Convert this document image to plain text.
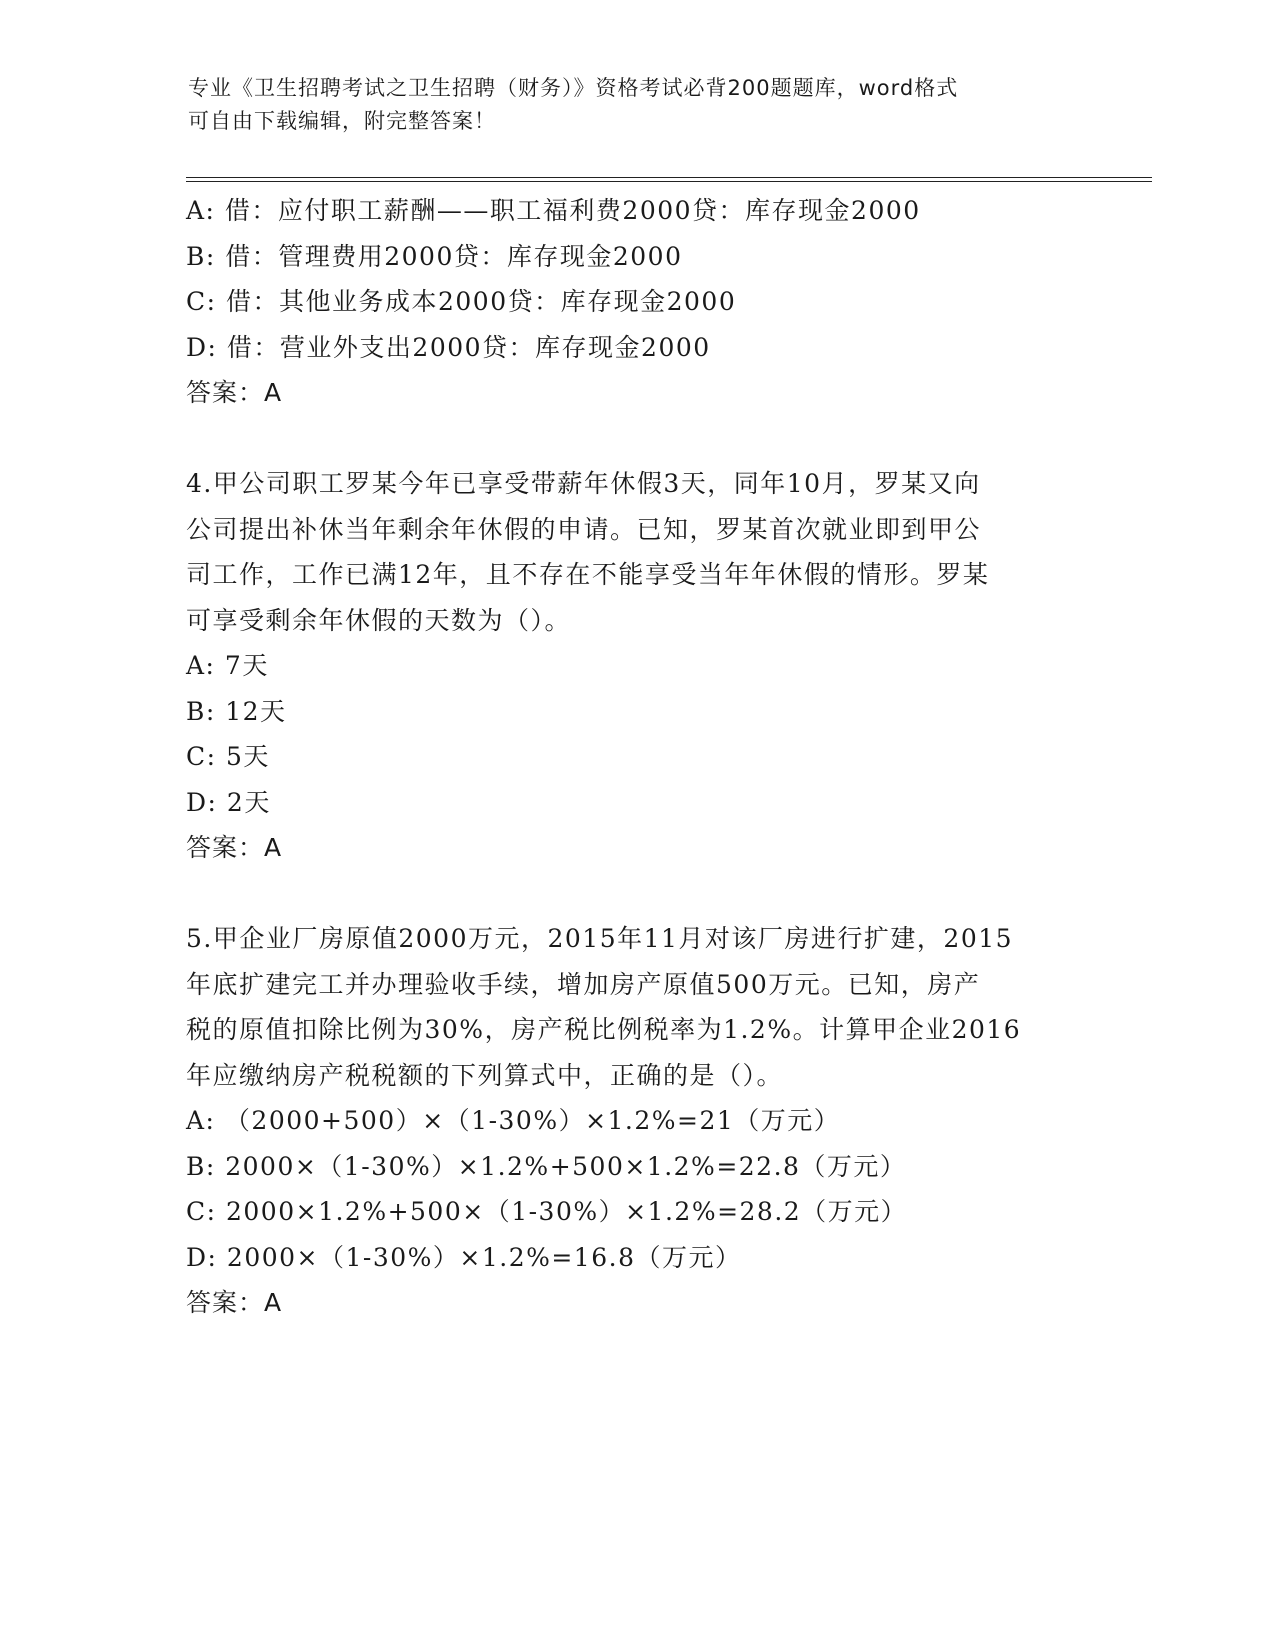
专业《卫生招聘考试之卫生招聘（财务）》资格考试必背200题题库，word格式
可自由下载编辑，附完整答案！
A: 借：应付职工薪酬——职工福利费2000贷：库存现金2000
B: 借：管理费用2000贷：库存现金2000
C: 借：其他业务成本2000贷：库存现金2000
D: 借：营业外支出2000贷：库存现金2000
答案：A
4.甲公司职工罗某今年已享受带薪年休假3天，同年10月，罗某又向
公司提出补休当年剩余年休假的申请。已知，罗某首次就业即到甲公
司工作，工作已满12年，且不存在不能享受当年年休假的情形。罗某
可享受剩余年休假的天数为（）。
A: 7天
B: 12天
C: 5天
D: 2天
答案：A
5.甲企业厂房原值2000万元，2015年11月对该厂房进行扩建，2015
年底扩建完工并办理验收手续，增加房产原值500万元。已知，房产
税的原值扣除比例为30%，房产税比例税率为1.2%。计算甲企业2016
年应缴纳房产税税额的下列算式中，正确的是（）。
A: （2000+500）×（1-30%）×1.2%=21（万元）
B: 2000×（1-30%）×1.2%+500×1.2%=22.8（万元）
C: 2000×1.2%+500×（1-30%）×1.2%=28.2（万元）
D: 2000×（1-30%）×1.2%=16.8（万元）
答案：A
